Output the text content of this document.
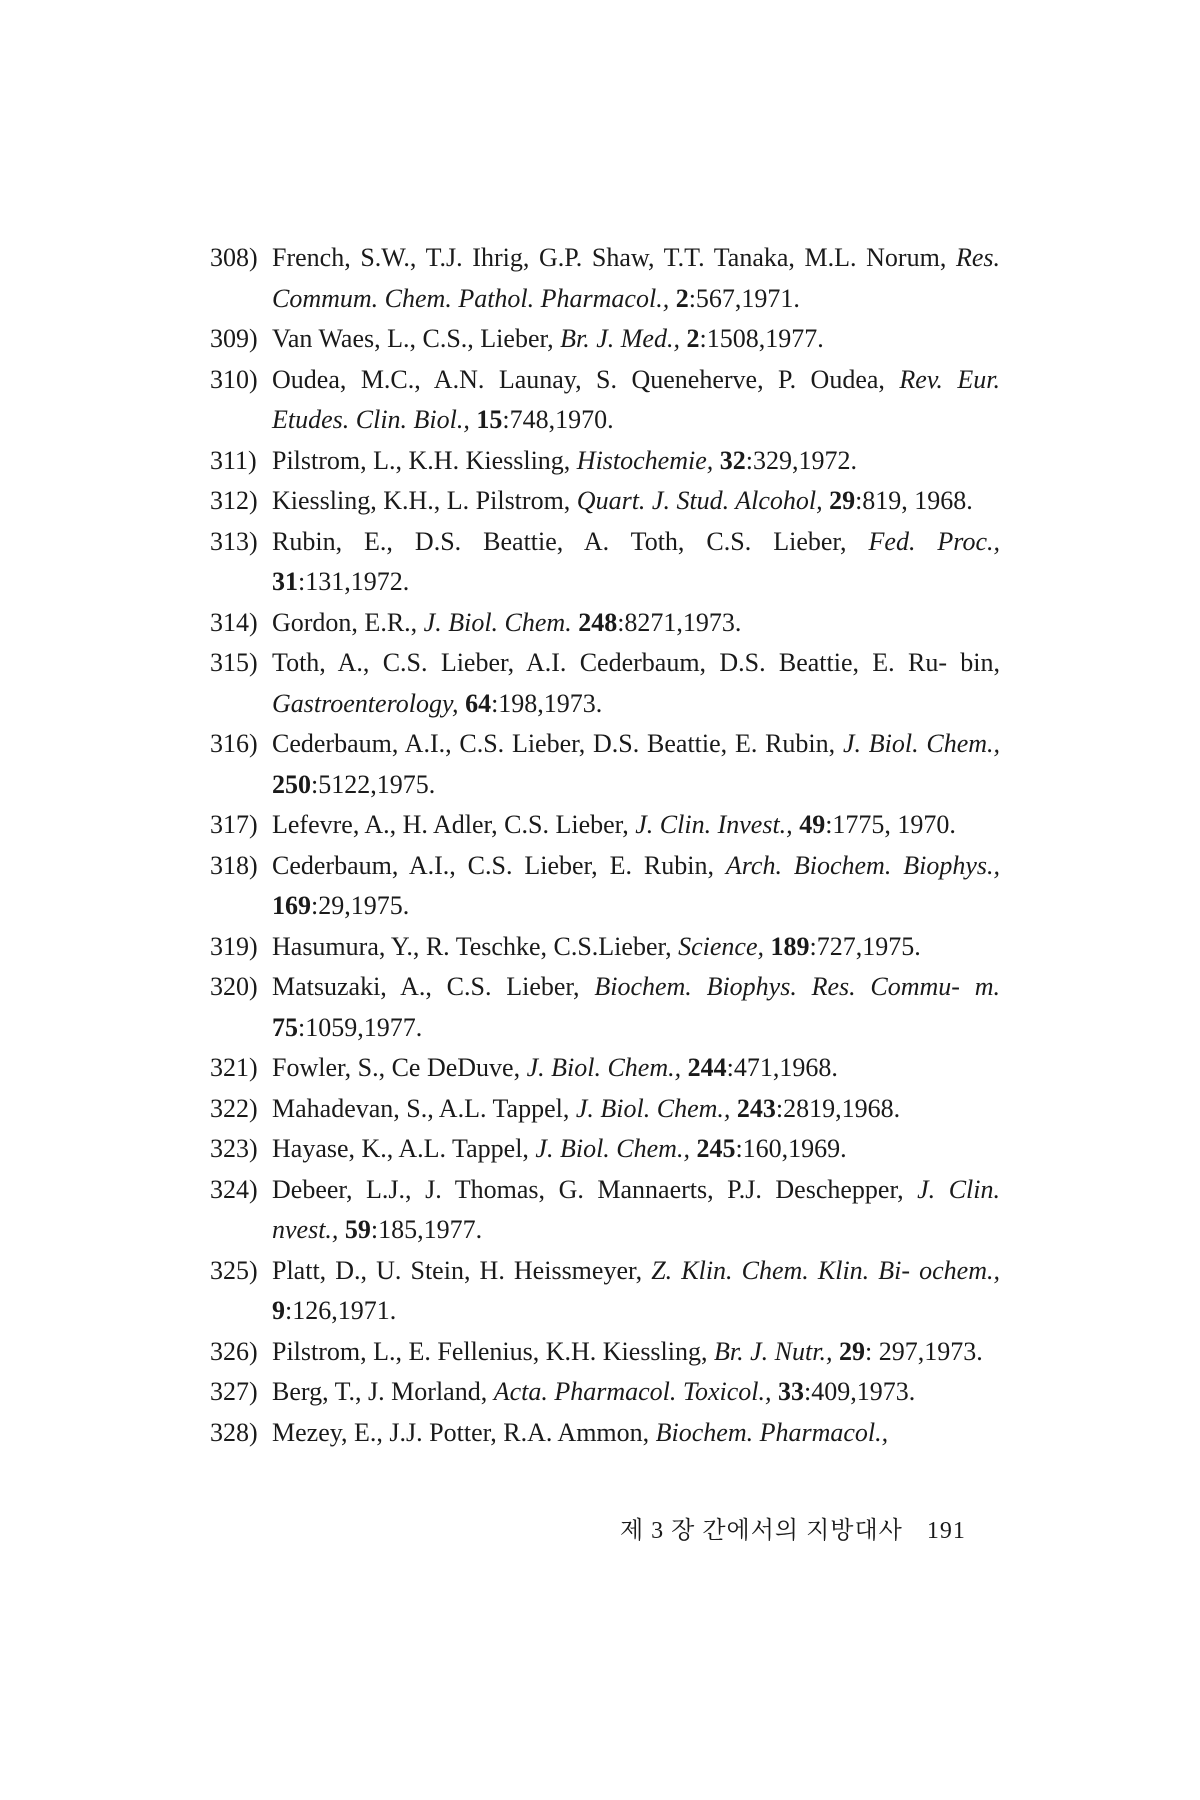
308) French, S.W., T.J. Ihrig, G.P. Shaw, T.T. Tanaka, M.L. Norum, Res. Commum. Chem. Pathol. Pharmacol., 2:567,1971.
309) Van Waes, L., C.S., Lieber, Br. J. Med., 2:1508,1977.
310) Oudea, M.C., A.N. Launay, S. Queneherve, P. Oudea, Rev. Eur. Etudes. Clin. Biol., 15:748,1970.
311) Pilstrom, L., K.H. Kiessling, Histochemie, 32:329,1972.
312) Kiessling, K.H., L. Pilstrom, Quart. J. Stud. Alcohol, 29:819, 1968.
313) Rubin, E., D.S. Beattie, A. Toth, C.S. Lieber, Fed. Proc., 31:131,1972.
314) Gordon, E.R., J. Biol. Chem. 248:8271,1973.
315) Toth, A., C.S. Lieber, A.I. Cederbaum, D.S. Beattie, E. Ru- bin, Gastroenterology, 64:198,1973.
316) Cederbaum, A.I., C.S. Lieber, D.S. Beattie, E. Rubin, J. Biol. Chem., 250:5122,1975.
317) Lefevre, A., H. Adler, C.S. Lieber, J. Clin. Invest., 49:1775, 1970.
318) Cederbaum, A.I., C.S. Lieber, E. Rubin, Arch. Biochem. Biophys., 169:29,1975.
319) Hasumura, Y., R. Teschke, C.S.Lieber, Science, 189:727,1975.
320) Matsuzaki, A., C.S. Lieber, Biochem. Biophys. Res. Commu- m. 75:1059,1977.
321) Fowler, S., Ce DeDuve, J. Biol. Chem., 244:471,1968.
322) Mahadevan, S., A.L. Tappel, J. Biol. Chem., 243:2819,1968.
323) Hayase, K., A.L. Tappel, J. Biol. Chem., 245:160,1969.
324) Debeer, L.J., J. Thomas, G. Mannaerts, P.J. Deschepper, J. Clin. nvest., 59:185,1977.
325) Platt, D., U. Stein, H. Heissmeyer, Z. Klin. Chem. Klin. Bi- ochem., 9:126,1971.
326) Pilstrom, L., E. Fellenius, K.H. Kiessling, Br. J. Nutr., 29: 297,1973.
327) Berg, T., J. Morland, Acta. Pharmacol. Toxicol., 33:409,1973.
328) Mezey, E., J.J. Potter, R.A. Ammon, Biochem. Pharmacol.,
제 3 장 간에서의 지방대사 191
